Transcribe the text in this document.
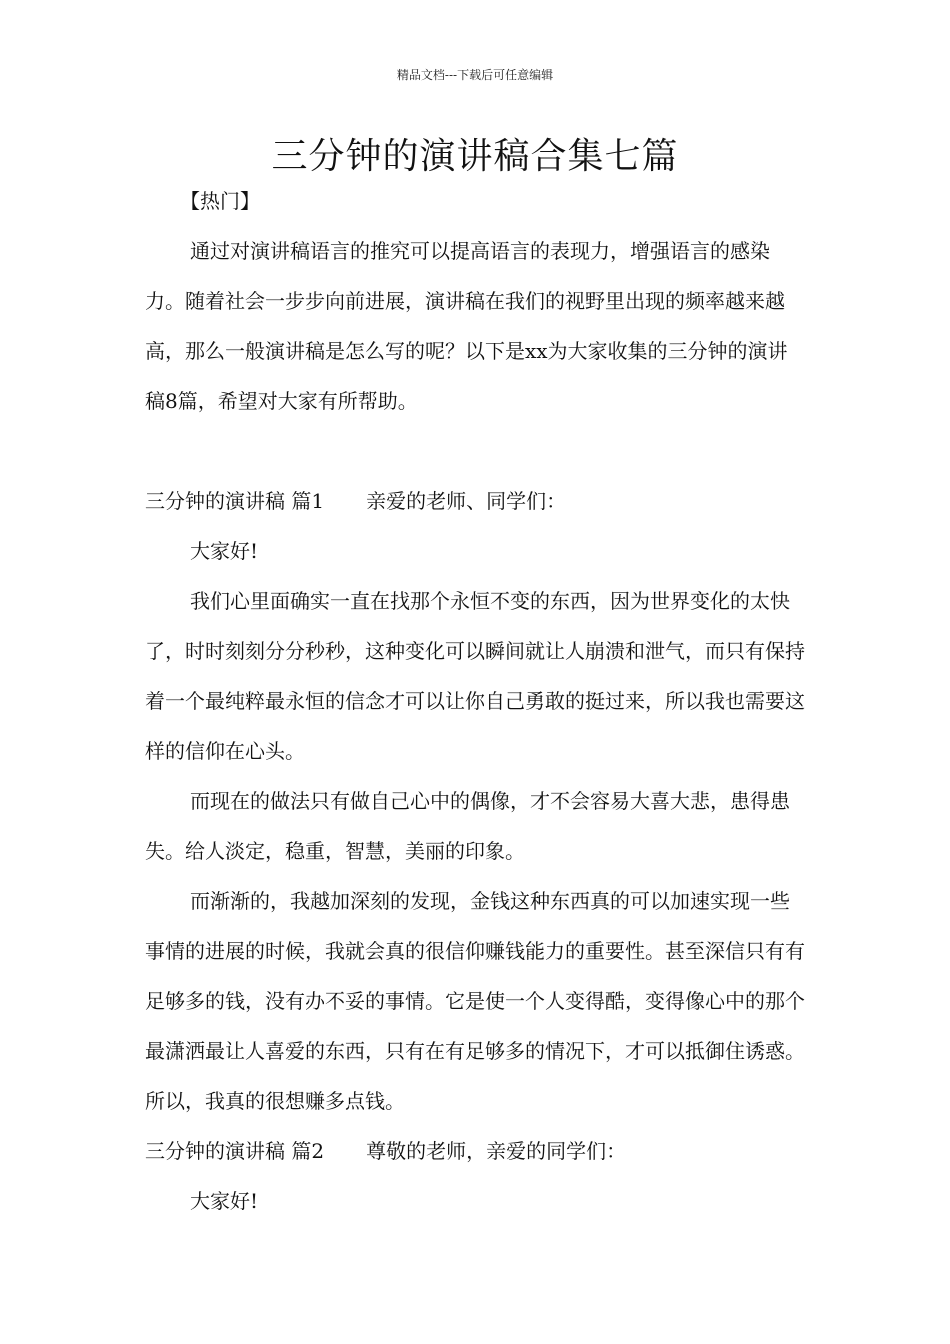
精品文档---下载后可任意编辑
三分钟的演讲稿合集七篇
【热门】

通过对演讲稿语言的推究可以提高语言的表现力，增强语言的感染力。随着社会一步步向前进展，演讲稿在我们的视野里出现的频率越来越高，那么一般演讲稿是怎么写的呢？以下是xx为大家收集的三分钟的演讲稿8篇，希望对大家有所帮助。

三分钟的演讲稿 篇1 亲爱的老师、同学们：

大家好!

我们心里面确实一直在找那个永恒不变的东西，因为世界变化的太快了，时时刻刻分分秒秒，这种变化可以瞬间就让人崩溃和泄气，而只有保持着一个最纯粹最永恒的信念才可以让你自己勇敢的挺过来，所以我也需要这样的信仰在心头。

而现在的做法只有做自己心中的偶像，才不会容易大喜大悲，患得患失。给人淡定，稳重，智慧，美丽的印象。

而渐渐的，我越加深刻的发现，金钱这种东西真的可以加速实现一些事情的进展的时候，我就会真的很信仰赚钱能力的重要性。甚至深信只有有足够多的钱，没有办不妥的事情。它是使一个人变得酷，变得像心中的那个最潇洒最让人喜爱的东西，只有在有足够多的情况下，才可以抵御住诱惑。所以，我真的很想赚多点钱。

三分钟的演讲稿 篇2 尊敬的老师，亲爱的同学们：

大家好!
